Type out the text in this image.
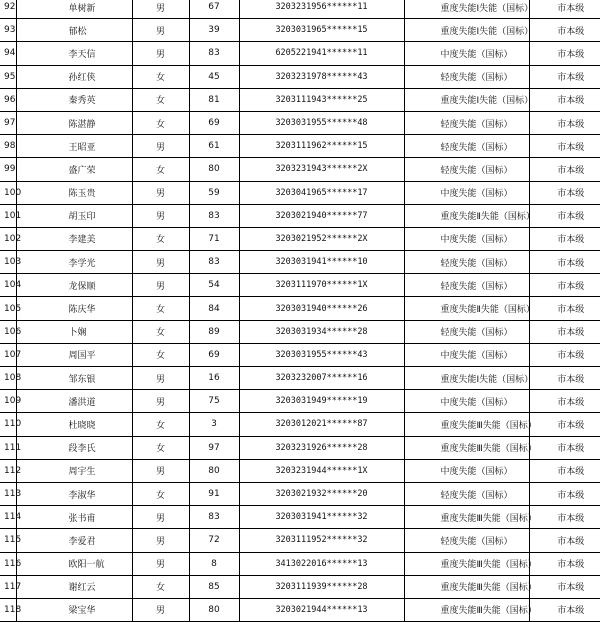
92	单树新	男	67	3203231956******11	重度失能Ⅰ失能（国标）	市本级
93	郁松	男	39	3203031965******15	重度失能Ⅰ失能（国标）	市本级
94	李天信	男	83	6205221941******11	中度失能（国标）	市本级
95	孙红侠	女	45	3203231978******43	轻度失能（国标）	市本级
96	秦秀英	女	81	3203111943******25	重度失能Ⅰ失能（国标）	市本级
97	陈湛静	女	69	3203031955******48	轻度失能（国标）	市本级
98	王昭亚	男	61	3203111962******15	轻度失能（国标）	市本级
99	盛广荣	女	80	3203231943******2X	轻度失能（国标）	市本级
100	陈玉贵	男	59	3203041965******17	中度失能（国标）	市本级
101	胡玉印	男	83	3203021940******77	重度失能Ⅱ失能（国标）	市本级
102	李建美	女	71	3203021952******2X	中度失能（国标）	市本级
103	李学光	男	83	3203031941******10	轻度失能（国标）	市本级
104	龙保顺	男	54	3203111970******1X	轻度失能（国标）	市本级
105	陈庆华	女	84	3203031940******26	重度失能Ⅱ失能（国标）	市本级
106	卜娴	女	89	3203031934******28	轻度失能（国标）	市本级
107	周国平	女	69	3203031955******43	中度失能（国标）	市本级
108	邹东银	男	16	3203232007******16	重度失能Ⅰ失能（国标）	市本级
109	潘洪道	男	75	3203031949******19	中度失能（国标）	市本级
110	杜晓晓	女	3	3203012021******87	重度失能Ⅲ失能（国标）	市本级
111	段李氏	女	97	3203231926******28	重度失能Ⅲ失能（国标）	市本级
112	周宇生	男	80	3203231944******1X	中度失能（国标）	市本级
113	李淑华	女	91	3203021932******20	轻度失能（国标）	市本级
114	张书甫	男	83	3203031941******32	重度失能Ⅲ失能（国标）	市本级
115	李爱君	男	72	3203111952******32	轻度失能（国标）	市本级
116	欧阳一航	男	8	3413022016******13	重度失能Ⅲ失能（国标）	市本级
117	谢红云	女	85	3203111939******28	重度失能Ⅲ失能（国标）	市本级
118	梁宝华	男	80	3203021944******13	重度失能Ⅲ失能（国标）	市本级
